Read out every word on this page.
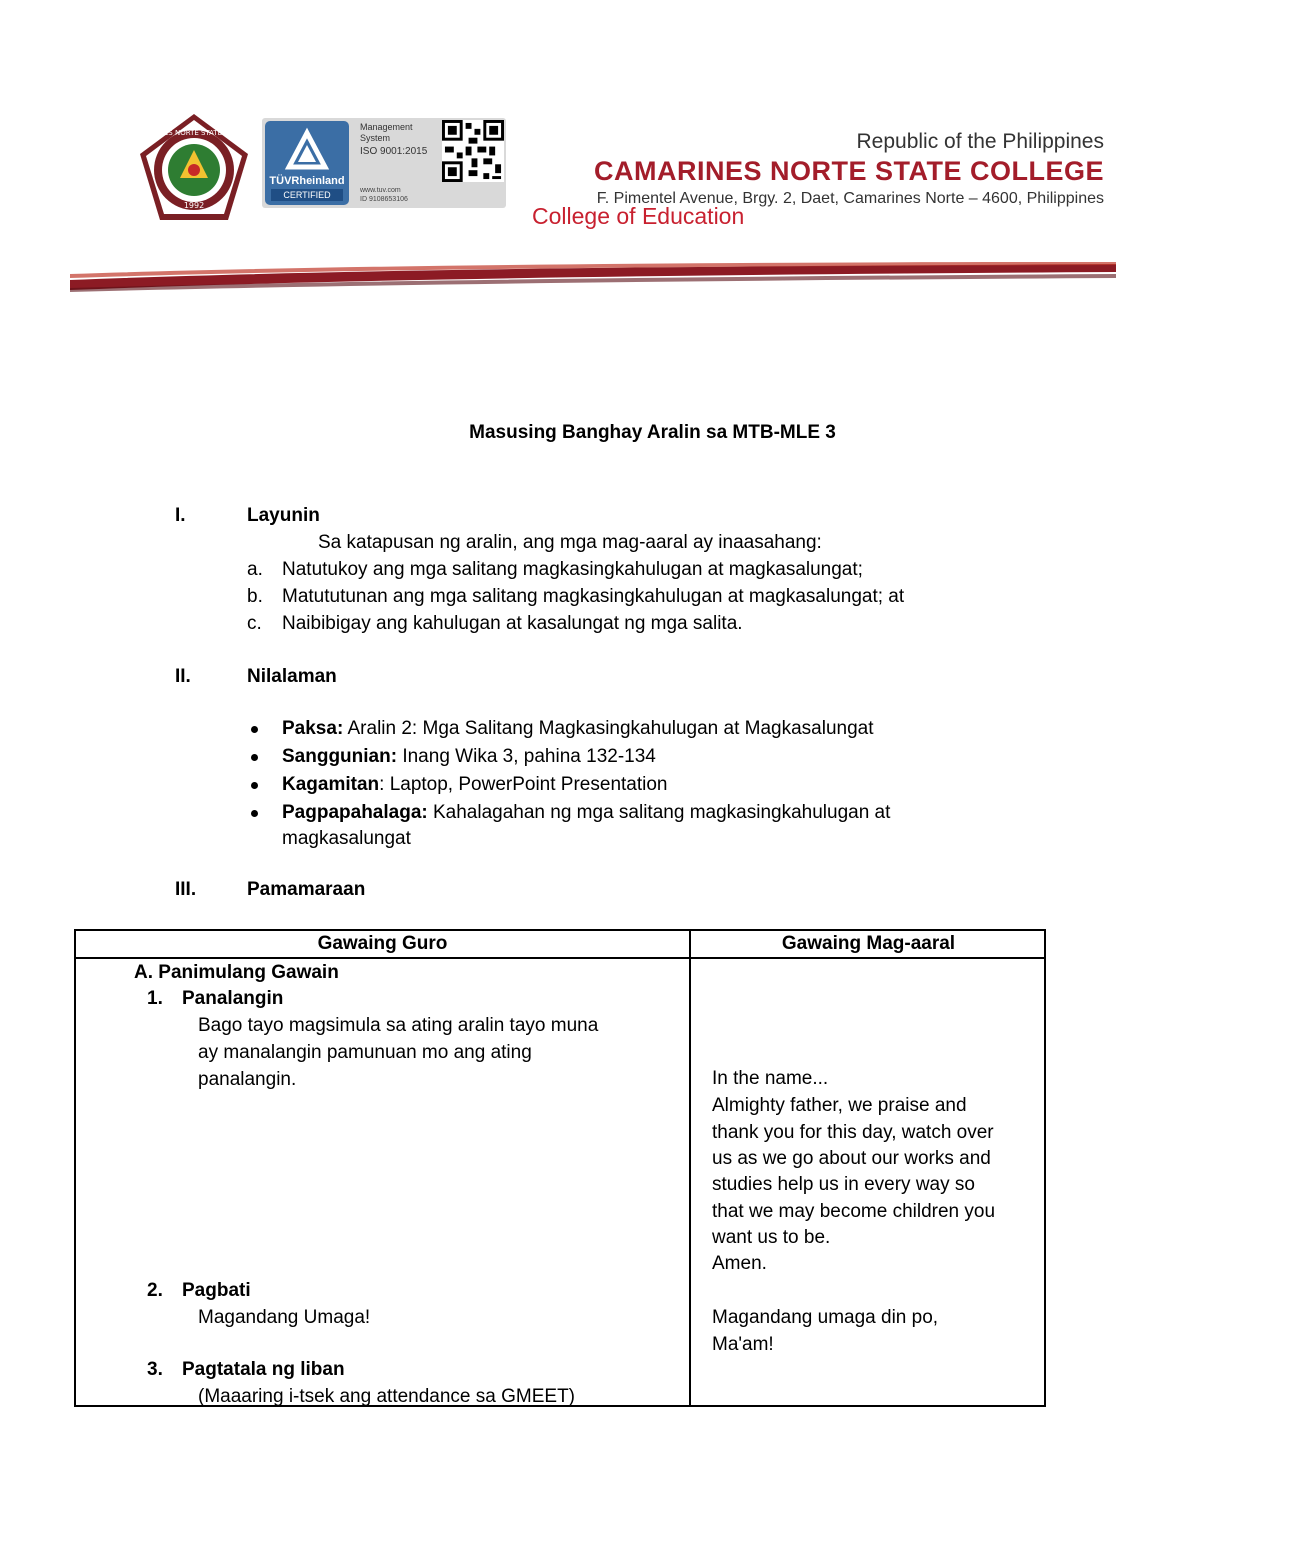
CAMARINES NORTE STATE COLLEGE
1992
TÜVRheinland
CERTIFIED
Management
System
ISO 9001:2015
www.tuv.com
ID 9108653106
Republic of the Philippines
CAMARINES NORTE STATE COLLEGE
F. Pimentel Avenue, Brgy. 2, Daet, Camarines Norte – 4600, Philippines
College of Education
Masusing Banghay Aralin sa MTB-MLE 3
I.	Layunin
Sa katapusan ng aralin, ang mga mag-aaral ay inaasahang:
a. Natutukoy ang mga salitang magkasingkahulugan at magkasalungat;
b. Matututunan ang mga salitang magkasingkahulugan at magkasalungat; at
c. Naibibigay ang kahulugan at kasalungat ng mga salita.
II.	Nilalaman
Paksa: Aralin 2: Mga Salitang Magkasingkahulugan at Magkasalungat
Sanggunian: Inang Wika 3, pahina 132-134
Kagamitan: Laptop, PowerPoint Presentation
Pagpapahalaga: Kahalagahan ng mga salitang magkasingkahulugan at
magkasalungat
III.	Pamamaraan
Gawaing Guro	Gawaing Mag-aaral
A. Panimulang Gawain
1. Panalangin
Bago tayo magsimula sa ating aralin tayo muna
ay manalangin pamunuan mo ang ating
panalangin.	In the name...
Almighty father, we praise and
thank you for this day, watch over
us as we go about our works and
studies help us in every way so
that we may become children you
want us to be.
Amen.
2. Pagbati
Magandang Umaga!	Magandang umaga din po,
Ma'am!
3. Pagtatala ng liban
(Maaaring i-tsek ang attendance sa GMEET)
